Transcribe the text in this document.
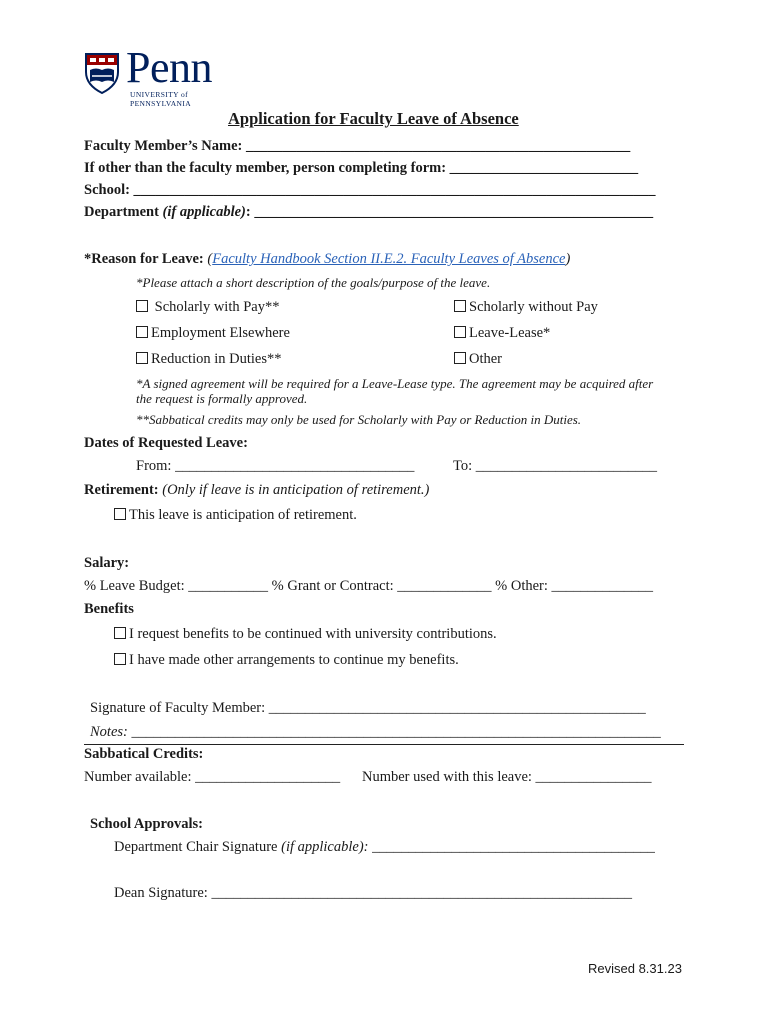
Penn
UNIVERSITY of PENNSYLVANIA
Application for Faculty Leave of Absence
Faculty Member’s Name: _____________________________________________________
If other than the faculty member, person completing form: __________________________
School: ________________________________________________________________________
Department (if applicable): _______________________________________________________
*Reason for Leave: (Faculty Handbook Section II.E.2. Faculty Leaves of Absence)
*Please attach a short description of the goals/purpose of the leave.
Scholarly with Pay**
Employment Elsewhere
Reduction in Duties**
Scholarly without Pay
Leave-Lease*
Other
*A signed agreement will be required for a Leave-Lease type. The agreement may be acquired after
the request is formally approved.
**Sabbatical credits may only be used for Scholarly with Pay or Reduction in Duties.
Dates of Requested Leave:
From: _________________________________	To: _________________________
Retirement: (Only if leave is in anticipation of retirement.)
This leave is anticipation of retirement.
Salary:
% Leave Budget: ___________ % Grant or Contract: _____________ % Other: ______________
Benefits
I request benefits to be continued with university contributions.
I have made other arrangements to continue my benefits.
Signature of Faculty Member: ____________________________________________________
Notes: _________________________________________________________________________
Sabbatical Credits:
Number available: ____________________ Number used with this leave: ________________
School Approvals:
Department Chair Signature (if applicable): _______________________________________
Dean Signature: __________________________________________________________
Revised 8.31.23
